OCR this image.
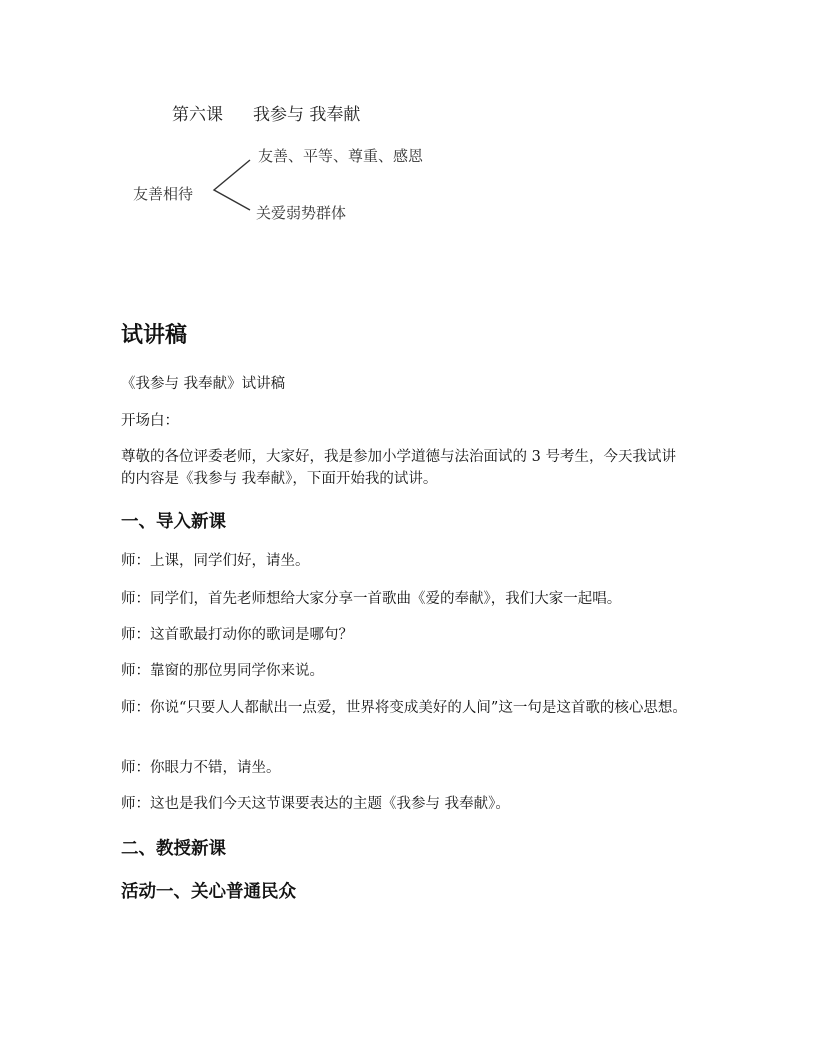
第六课 我参与 我奉献
友善相待
友善、平等、尊重、感恩
关爱弱势群体
试讲稿

《我参与 我奉献》试讲稿

开场白：

尊敬的各位评委老师，大家好，我是参加小学道德与法治面试的 3 号考生，今天我试讲的内容是《我参与 我奉献》，下面开始我的试讲。

一、导入新课

师：上课，同学们好，请坐。

师：同学们，首先老师想给大家分享一首歌曲《爱的奉献》，我们大家一起唱。

师：这首歌最打动你的歌词是哪句？

师：靠窗的那位男同学你来说。

师：你说“只要人人都献出一点爱，世界将变成美好的人间”这一句是这首歌的核心思想。

师：你眼力不错，请坐。

师：这也是我们今天这节课要表达的主题《我参与 我奉献》。

二、教授新课
活动一、关心普通民众
